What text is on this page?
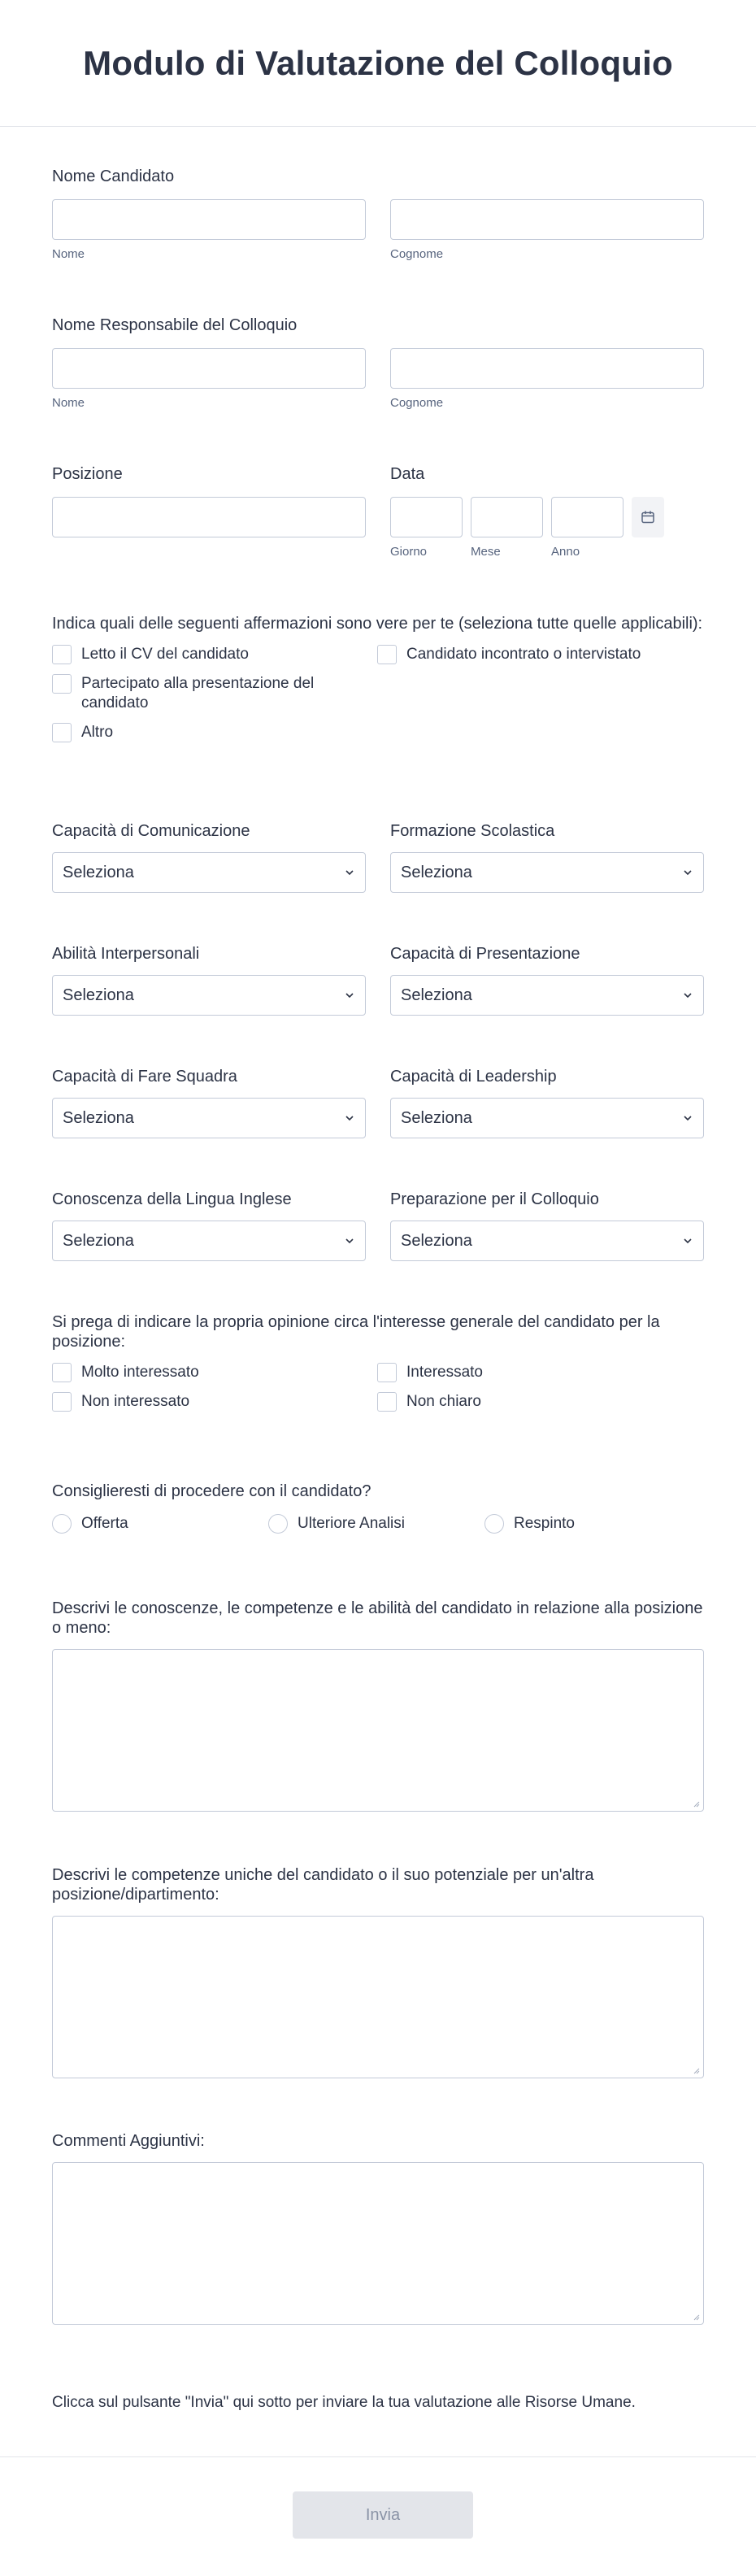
Modulo di Valutazione del Colloquio
Nome Candidato
Nome	Cognome
Nome Responsabile del Colloquio
Nome	Cognome
Posizione	Data
Giorno	Mese	Anno
Indica quali delle seguenti affermazioni sono vere per te (seleziona tutte quelle applicabili):
Letto il CV del candidato	Candidato incontrato o intervistato
Partecipato alla presentazione del candidato
Altro
Capacità di Comunicazione
Seleziona
Formazione Scolastica
Seleziona
Abilità Interpersonali
Seleziona
Capacità di Presentazione
Seleziona
Capacità di Fare Squadra
Seleziona
Capacità di Leadership
Seleziona
Conoscenza della Lingua Inglese
Seleziona
Preparazione per il Colloquio
Seleziona
Si prega di indicare la propria opinione circa l'interesse generale del candidato per la posizione:
Molto interessato	Interessato
Non interessato	Non chiaro
Consiglieresti di procedere con il candidato?
Offerta	Ulteriore Analisi	Respinto
Descrivi le conoscenze, le competenze e le abilità del candidato in relazione alla posizione o meno:
Descrivi le competenze uniche del candidato o il suo potenziale per un'altra posizione/dipartimento:
Commenti Aggiuntivi:
Clicca sul pulsante "Invia" qui sotto per inviare la tua valutazione alle Risorse Umane.
Invia
